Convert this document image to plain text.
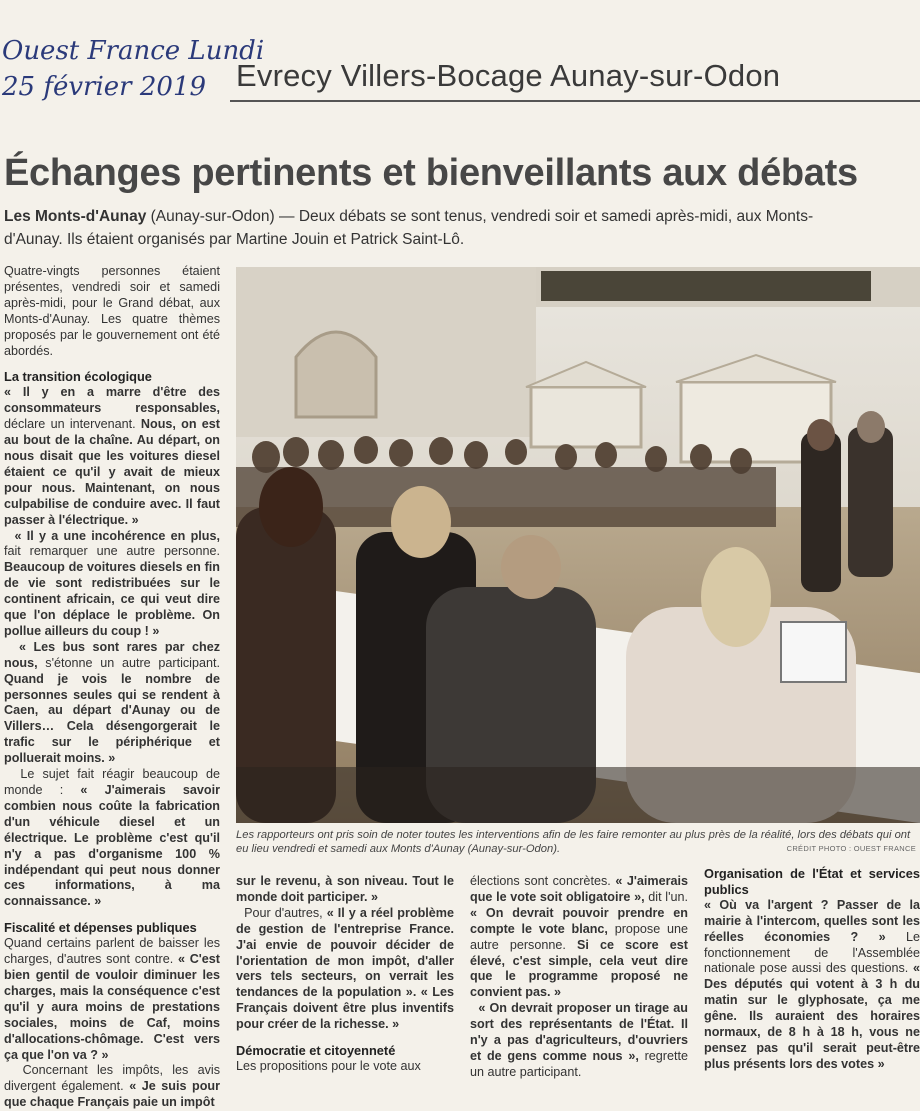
Ouest France Lundi
25 février 2019 Evrecy Villers-Bocage Aunay-sur-Odon
Échanges pertinents et bienveillants aux débats
Les Monts-d'Aunay (Aunay-sur-Odon) — Deux débats se sont tenus, vendredi soir et samedi après-midi, aux Monts-d'Aunay. Ils étaient organisés par Martine Jouin et Patrick Saint-Lô.

Quatre-vingts personnes étaient présentes, vendredi soir et samedi après-midi, pour le Grand débat, aux Monts-d'Aunay. Les quatre thèmes proposés par le gouvernement ont été abordés.

La transition écologique

« Il y en a marre d'être des consommateurs responsables, déclare un intervenant. Nous, on est au bout de la chaîne. Au départ, on nous disait que les voitures diesel étaient ce qu'il y avait de mieux pour nous. Maintenant, on nous culpabilise de conduire avec. Il faut passer à l'électrique. »

« Il y a une incohérence en plus, fait remarquer une autre personne. Beaucoup de voitures diesels en fin de vie sont redistribuées sur le continent africain, ce qui veut dire que l'on déplace le problème. On pollue ailleurs du coup ! »

« Les bus sont rares par chez nous, s'étonne un autre participant. Quand je vois le nombre de personnes seules qui se rendent à Caen, au départ d'Aunay ou de Villers… Cela désengorgerait le trafic sur le périphérique et polluerait moins. »

Le sujet fait réagir beaucoup de monde : « J'aimerais savoir combien nous coûte la fabrication d'un véhicule diesel et un électrique. Le problème c'est qu'il n'y a pas d'organisme 100 % indépendant qui peut nous donner ces informations, à ma connaissance. »

Fiscalité et dépenses publiques

Quand certains parlent de baisser les charges, d'autres sont contre. « C'est bien gentil de vouloir diminuer les charges, mais la conséquence c'est qu'il y aura moins de prestations sociales, moins de Caf, moins d'allocations-chômage. C'est vers ça que l'on va ? »

Concernant les impôts, les avis divergent également. « Je suis pour que chaque Français paie un impôt

Les rapporteurs ont pris soin de noter toutes les interventions afin de les faire remonter au plus près de la réalité, lors des débats qui ont eu lieu vendredi et samedi aux Monts d'Aunay (Aunay-sur-Odon).	CRÉDIT PHOTO : OUEST FRANCE

sur le revenu, à son niveau. Tout le monde doit participer. »

Pour d'autres, « Il y a réel problème de gestion de l'entreprise France. J'ai envie de pouvoir décider de l'orientation de mon impôt, d'aller vers tels secteurs, on verrait les tendances de la population ». « Les Français doivent être plus inventifs pour créer de la richesse. »

Démocratie et citoyenneté

Les propositions pour le vote aux

élections sont concrètes. « J'aimerais que le vote soit obligatoire », dit l'un. « On devrait pouvoir prendre en compte le vote blanc, propose une autre personne. Si ce score est élevé, c'est simple, cela veut dire que le programme proposé ne convient pas. »

« On devrait proposer un tirage au sort des représentants de l'État. Il n'y a pas d'agriculteurs, d'ouvriers et de gens comme nous », regrette un autre participant.

Organisation de l'État et services publics

« Où va l'argent ? Passer de la mairie à l'intercom, quelles sont les réelles économies ? » Le fonctionnement de l'Assemblée nationale pose aussi des questions. « Des députés qui votent à 3 h du matin sur le glyphosate, ça me gêne. Ils auraient des horaires normaux, de 8 h à 18 h, vous ne pensez pas qu'il serait peut-être plus présents lors des votes »
